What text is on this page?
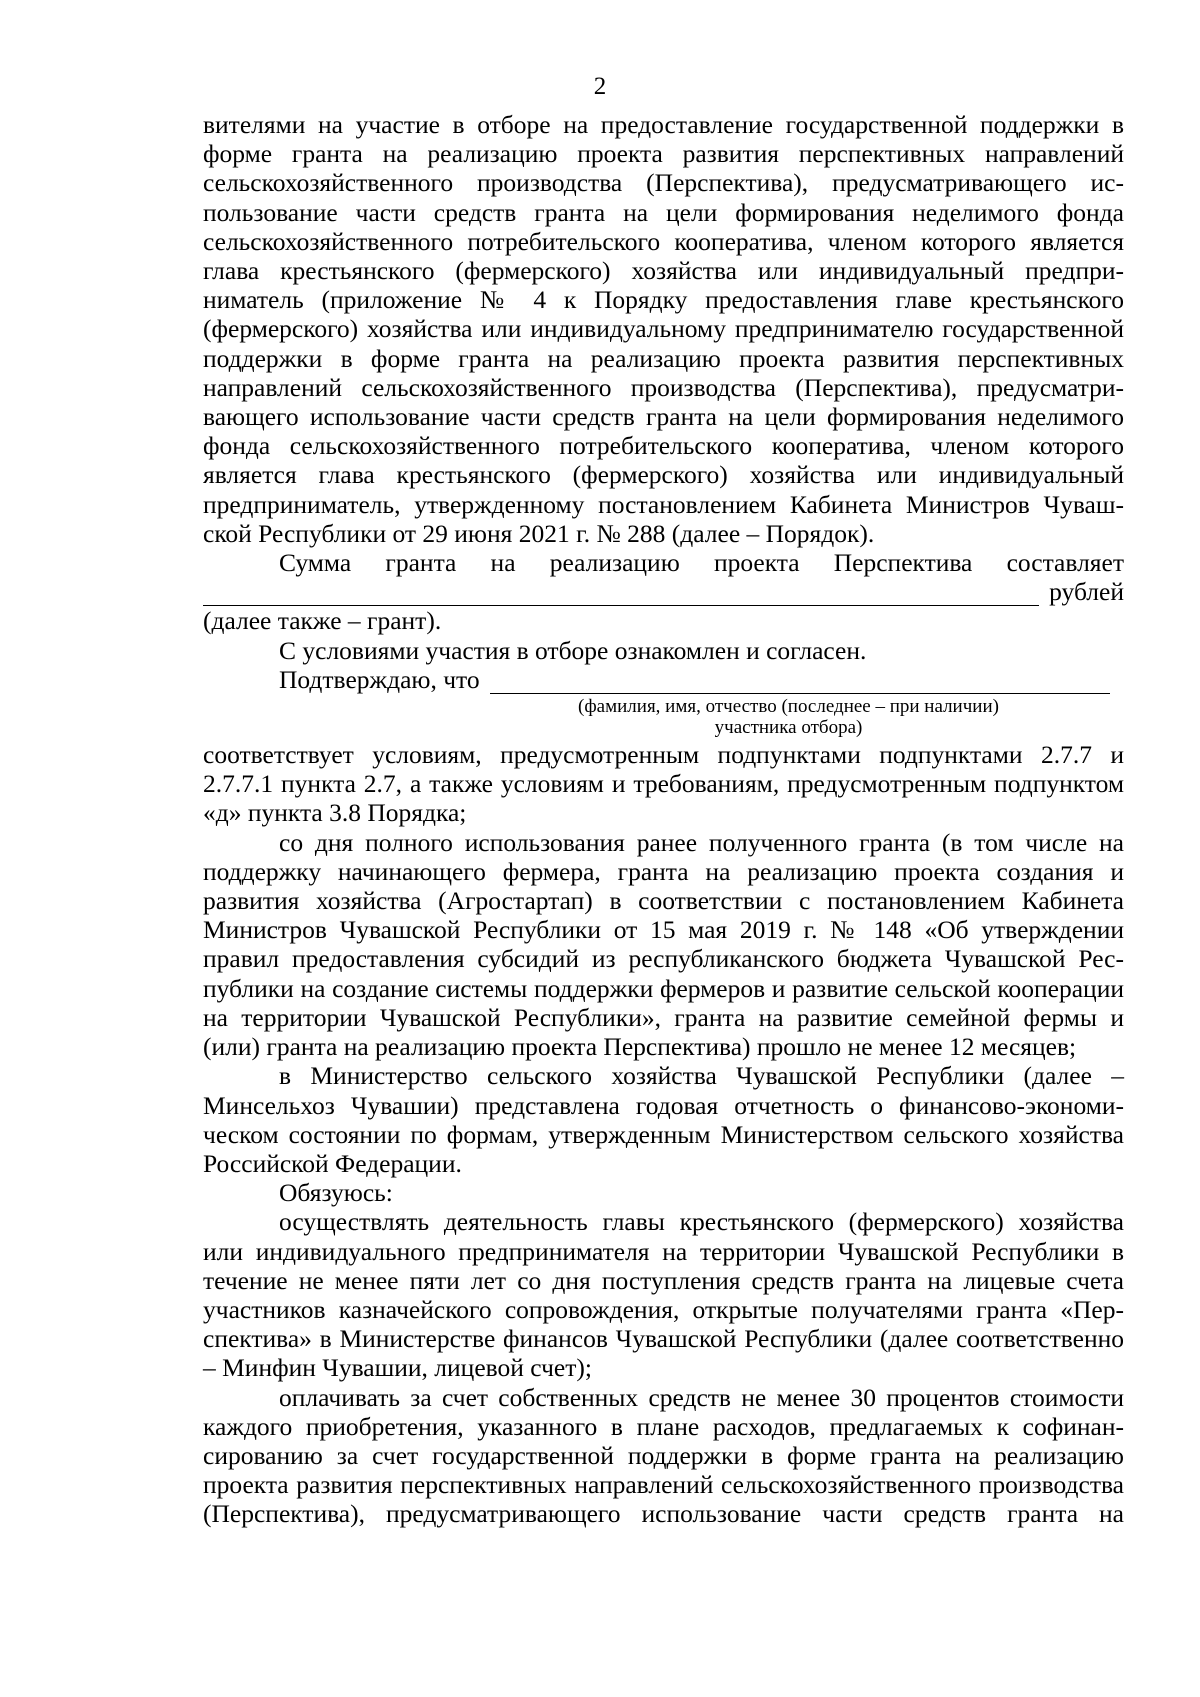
2

вителями на участие в отборе на предоставление государственной поддержки в форме гранта на реализацию проекта развития перспективных направлений сельскохозяйственного производства (Перспектива), предусматривающего использование части средств гранта на цели формирования неделимого фонда сельскохозяйственного потребительского кооператива, членом которого является глава крестьянского (фермерского) хозяйства или индивидуальный предприниматель (приложение № 4 к Порядку предоставления главе крестьянского (фермерского) хозяйства или индивидуальному предпринимателю государственной поддержки в форме гранта на реализацию проекта развития перспективных направлений сельскохозяйственного производства (Перспектива), предусматривающего использование части средств гранта на цели формирования неделимого фонда сельскохозяйственного потребительского кооператива, членом которого является глава крестьянского (фермерского) хозяйства или индивидуальный предприниматель, утвержденному постановлением Кабинета Министров Чувашской Республики от 29 июня 2021 г. № 288 (далее – Порядок).

Сумма гранта на реализацию проекта Перспектива составляет

рублей

(далее также – грант).

С условиями участия в отборе ознакомлен и согласен.

Подтверждаю, что

(фамилия, имя, отчество (последнее – при наличии)

участника отбора)

соответствует условиям, предусмотренным подпунктами подпунктами 2.7.7 и 2.7.7.1 пункта 2.7, а также условиям и требованиям, предусмотренным подпунктом «д» пункта 3.8 Порядка;

со дня полного использования ранее полученного гранта (в том числе на поддержку начинающего фермера, гранта на реализацию проекта создания и развития хозяйства (Агростартап) в соответствии с постановлением Кабинета Министров Чувашской Республики от 15 мая 2019 г. № 148 «Об утверждении правил предоставления субсидий из республиканского бюджета Чувашской Республики на создание системы поддержки фермеров и развитие сельской кооперации на территории Чувашской Республики», гранта на развитие семейной фермы и (или) гранта на реализацию проекта Перспектива) прошло не менее 12 месяцев;

в Министерство сельского хозяйства Чувашской Республики (далее – Минсельхоз Чувашии) представлена годовая отчетность о финансово-экономическом состоянии по формам, утвержденным Министерством сельского хозяйства Российской Федерации.

Обязуюсь:

осуществлять деятельность главы крестьянского (фермерского) хозяйства или индивидуального предпринимателя на территории Чувашской Республики в течение не менее пяти лет со дня поступления средств гранта на лицевые счета участников казначейского сопровождения, открытые получателями гранта «Перспектива» в Министерстве финансов Чувашской Республики (далее соответственно – Минфин Чувашии, лицевой счет);

оплачивать за счет собственных средств не менее 30 процентов стоимости каждого приобретения, указанного в плане расходов, предлагаемых к софинансированию за счет государственной поддержки в форме гранта на реализацию проекта развития перспективных направлений сельскохозяйственного производства (Перспектива), предусматривающего использование части средств гранта на
